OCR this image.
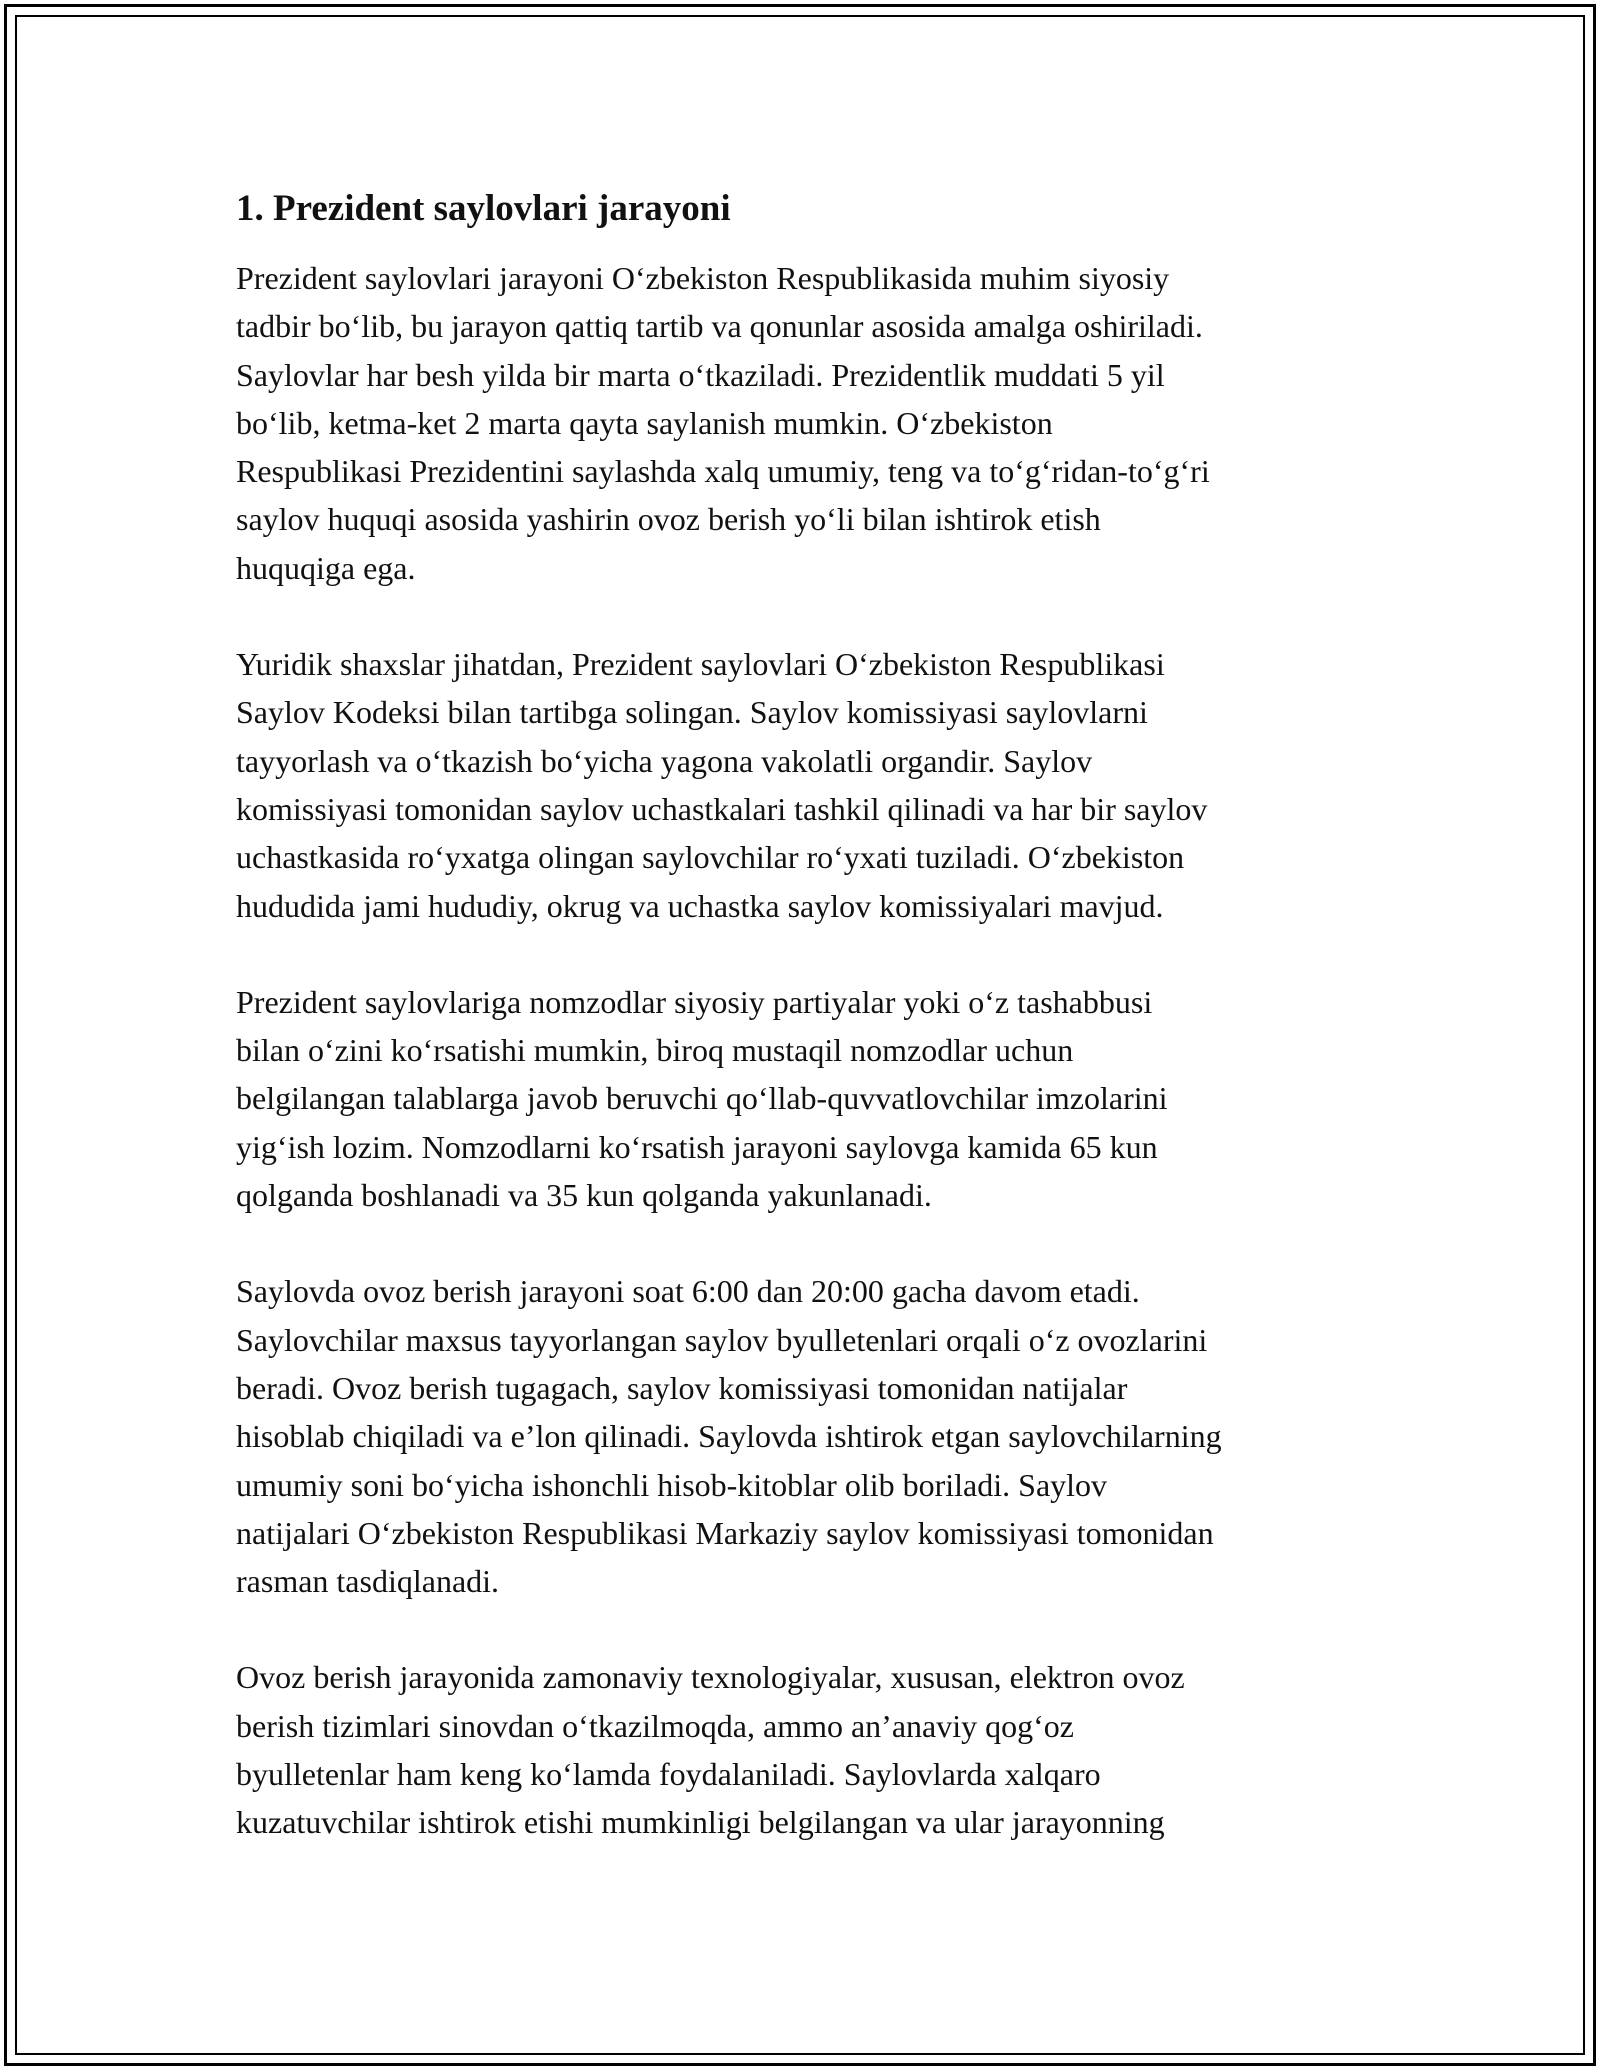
1. Prezident saylovlari jarayoni

Prezident saylovlari jarayoni O‘zbekiston Respublikasida muhim siyosiy
tadbir bo‘lib, bu jarayon qattiq tartib va qonunlar asosida amalga oshiriladi.
Saylovlar har besh yilda bir marta o‘tkaziladi. Prezidentlik muddati 5 yil
bo‘lib, ketma-ket 2 marta qayta saylanish mumkin. O‘zbekiston
Respublikasi Prezidentini saylashda xalq umumiy, teng va to‘g‘ridan-to‘g‘ri
saylov huquqi asosida yashirin ovoz berish yo‘li bilan ishtirok etish
huquqiga ega.

Yuridik shaxslar jihatdan, Prezident saylovlari O‘zbekiston Respublikasi
Saylov Kodeksi bilan tartibga solingan. Saylov komissiyasi saylovlarni
tayyorlash va o‘tkazish bo‘yicha yagona vakolatli organdir. Saylov
komissiyasi tomonidan saylov uchastkalari tashkil qilinadi va har bir saylov
uchastkasida ro‘yxatga olingan saylovchilar ro‘yxati tuziladi. O‘zbekiston
hududida jami hududiy, okrug va uchastka saylov komissiyalari mavjud.

Prezident saylovlariga nomzodlar siyosiy partiyalar yoki o‘z tashabbusi
bilan o‘zini ko‘rsatishi mumkin, biroq mustaqil nomzodlar uchun
belgilangan talablarga javob beruvchi qo‘llab-quvvatlovchilar imzolarini
yig‘ish lozim. Nomzodlarni ko‘rsatish jarayoni saylovga kamida 65 kun
qolganda boshlanadi va 35 kun qolganda yakunlanadi.

Saylovda ovoz berish jarayoni soat 6:00 dan 20:00 gacha davom etadi.
Saylovchilar maxsus tayyorlangan saylov byulletenlari orqali o‘z ovozlarini
beradi. Ovoz berish tugagach, saylov komissiyasi tomonidan natijalar
hisoblab chiqiladi va e’lon qilinadi. Saylovda ishtirok etgan saylovchilarning
umumiy soni bo‘yicha ishonchli hisob-kitoblar olib boriladi. Saylov
natijalari O‘zbekiston Respublikasi Markaziy saylov komissiyasi tomonidan
rasman tasdiqlanadi.

Ovoz berish jarayonida zamonaviy texnologiyalar, xususan, elektron ovoz
berish tizimlari sinovdan o‘tkazilmoqda, ammo an’anaviy qog‘oz
byulletenlar ham keng ko‘lamda foydalaniladi. Saylovlarda xalqaro
kuzatuvchilar ishtirok etishi mumkinligi belgilangan va ular jarayonning
